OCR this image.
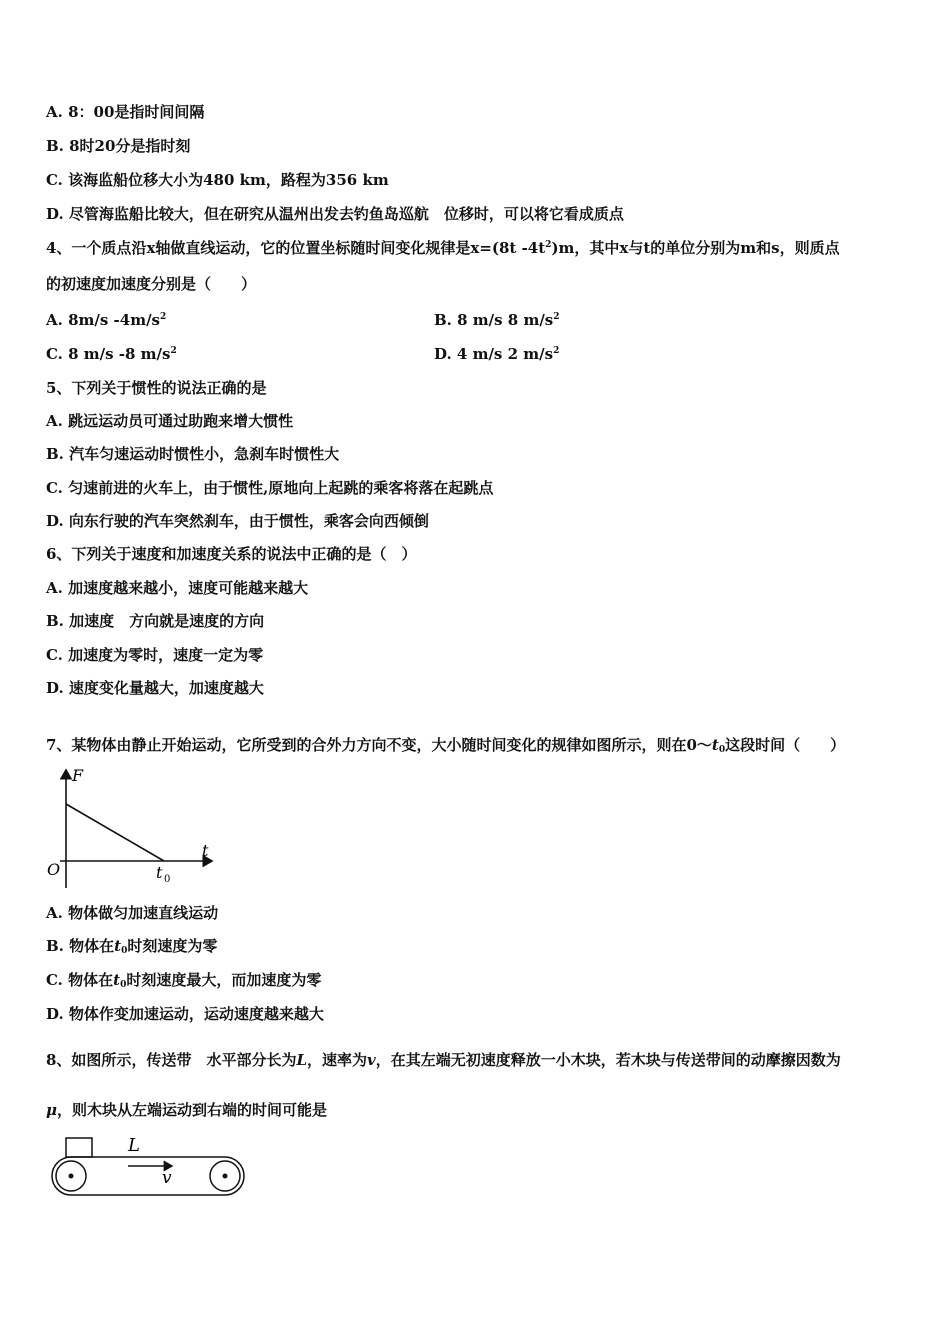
A. 8：00是指时间间隔
B. 8时20分是指时刻
C. 该海监船位移大小为480 km，路程为356 km
D. 尽管海监船比较大，但在研究从温州出发去钓鱼岛巡航　位移时，可以将它看成质点
4、一个质点沿x轴做直线运动，它的位置坐标随时间变化规律是x=(8t $-4t^2)m$，其中x与t的单位分别为m和s，则质点
的初速度加速度分别是（　　）
A. 8m/s $-4m/s^2$	B. 8 m/s 8 $m/s^2$
C. 8 m/s -8 $m/s^2$	D. 4 m/s 2 $m/s^2$
5、下列关于惯性的说法正确的是
A. 跳远运动员可通过助跑来增大惯性
B. 汽车匀速运动时惯性小，急刹车时惯性大
C. 匀速前进的火车上，由于惯性,原地向上起跳的乘客将落在起跳点
D. 向东行驶的汽车突然刹车，由于惯性，乘客会向西倾倒
6、下列关于速度和加速度关系的说法中正确的是（　）
A. 加速度越来越小，速度可能越来越大
B. 加速度　方向就是速度的方向
C. 加速度为零时，速度一定为零
D. 速度变化量越大，加速度越大
7、某物体由静止开始运动，它所受到的合外力方向不变，大小随时间变化的规律如图所示，则在$0\sim t_0$这段时间（　　）
F
t
O	t 0
A. 物体做匀加速直线运动
B. 物体在$t_0$时刻速度为零
C. 物体在$t_0$时刻速度最大，而加速度为零
D. 物体作变加速运动，运动速度越来越大
8、如图所示，传送带　水平部分长为L，速率为v，在其左端无初速度释放一小木块，若木块与传送带间的动摩擦因数为
μ，则木块从左端运动到右端的时间可能是
L
v
